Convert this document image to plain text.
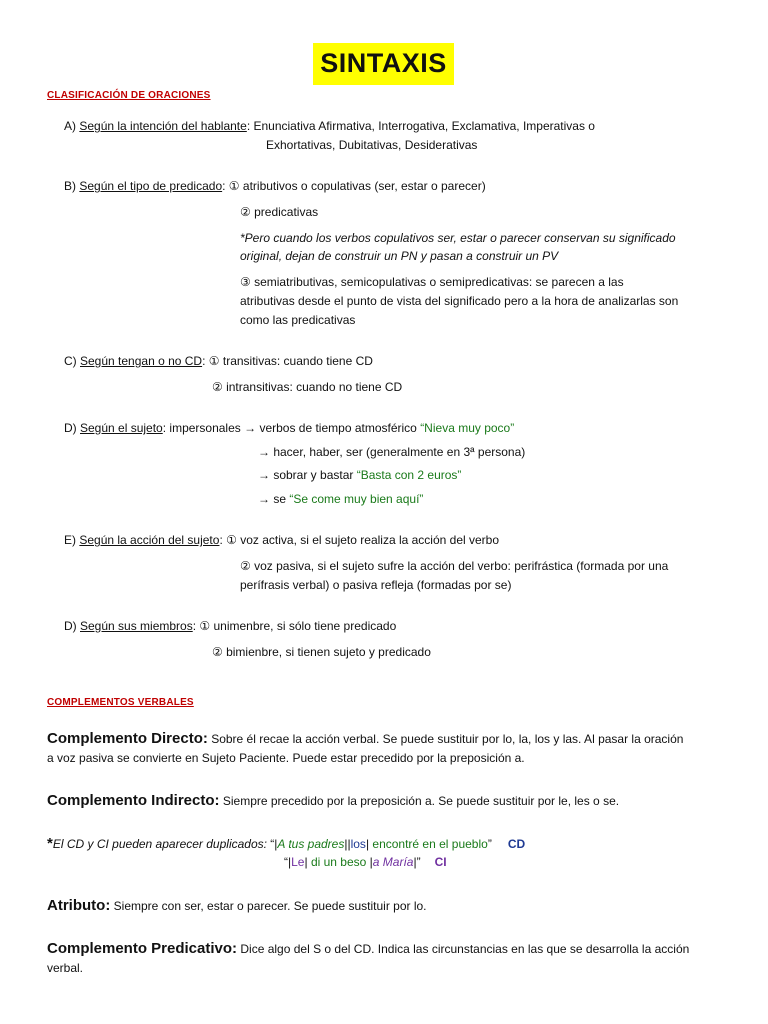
SINTAXIS
CLASIFICACIÓN DE ORACIONES
A) Según la intención del hablante: Enunciativa Afirmativa, Interrogativa, Exclamativa, Imperativas o
Exhortativas, Dubitativas, Desiderativas
B) Según el tipo de predicado: ① atributivos o copulativas (ser, estar o parecer)
② predicativas
*Pero cuando los verbos copulativos ser, estar o parecer conservan su significado
original, dejan de construir un PN y pasan a construir un PV
③ semiatributivas, semicopulativas o semipredicativas: se parecen a las
atributivas desde el punto de vista del significado pero a la hora de analizarlas son
como las predicativas
C) Según tengan o no CD: ① transitivas: cuando tiene CD
② intransitivas: cuando no tiene CD
D) Según el sujeto: impersonales → verbos de tiempo atmosférico “Nieva muy poco”
→ hacer, haber, ser (generalmente en 3ª persona)
→ sobrar y bastar “Basta con 2 euros”
→ se “Se come muy bien aquí”
E) Según la acción del sujeto: ① voz activa, si el sujeto realiza la acción del verbo
② voz pasiva, si el sujeto sufre la acción del verbo: perifrástica (formada por una
perífrasis verbal) o pasiva refleja (formadas por se)
D) Según sus miembros: ① unimenbre, si sólo tiene predicado
② bimienbre, si tienen sujeto y predicado
COMPLEMENTOS VERBALES
Complemento Directo: Sobre él recae la acción verbal. Se puede sustituir por lo, la, los y las. Al pasar la oración
a voz pasiva se convierte en Sujeto Paciente. Puede estar precedido por la preposición a.
Complemento Indirecto: Siempre precedido por la preposición a. Se puede sustituir por le, les o se.
*El CD y CI pueden aparecer duplicados: “|A tus padres||los| encontré en el pueblo” CD
“|Le| di un beso |a María|” CI
Atributo: Siempre con ser, estar o parecer. Se puede sustituir por lo.
Complemento Predicativo: Dice algo del S o del CD. Indica las circunstancias en las que se desarrolla la acción
verbal.
